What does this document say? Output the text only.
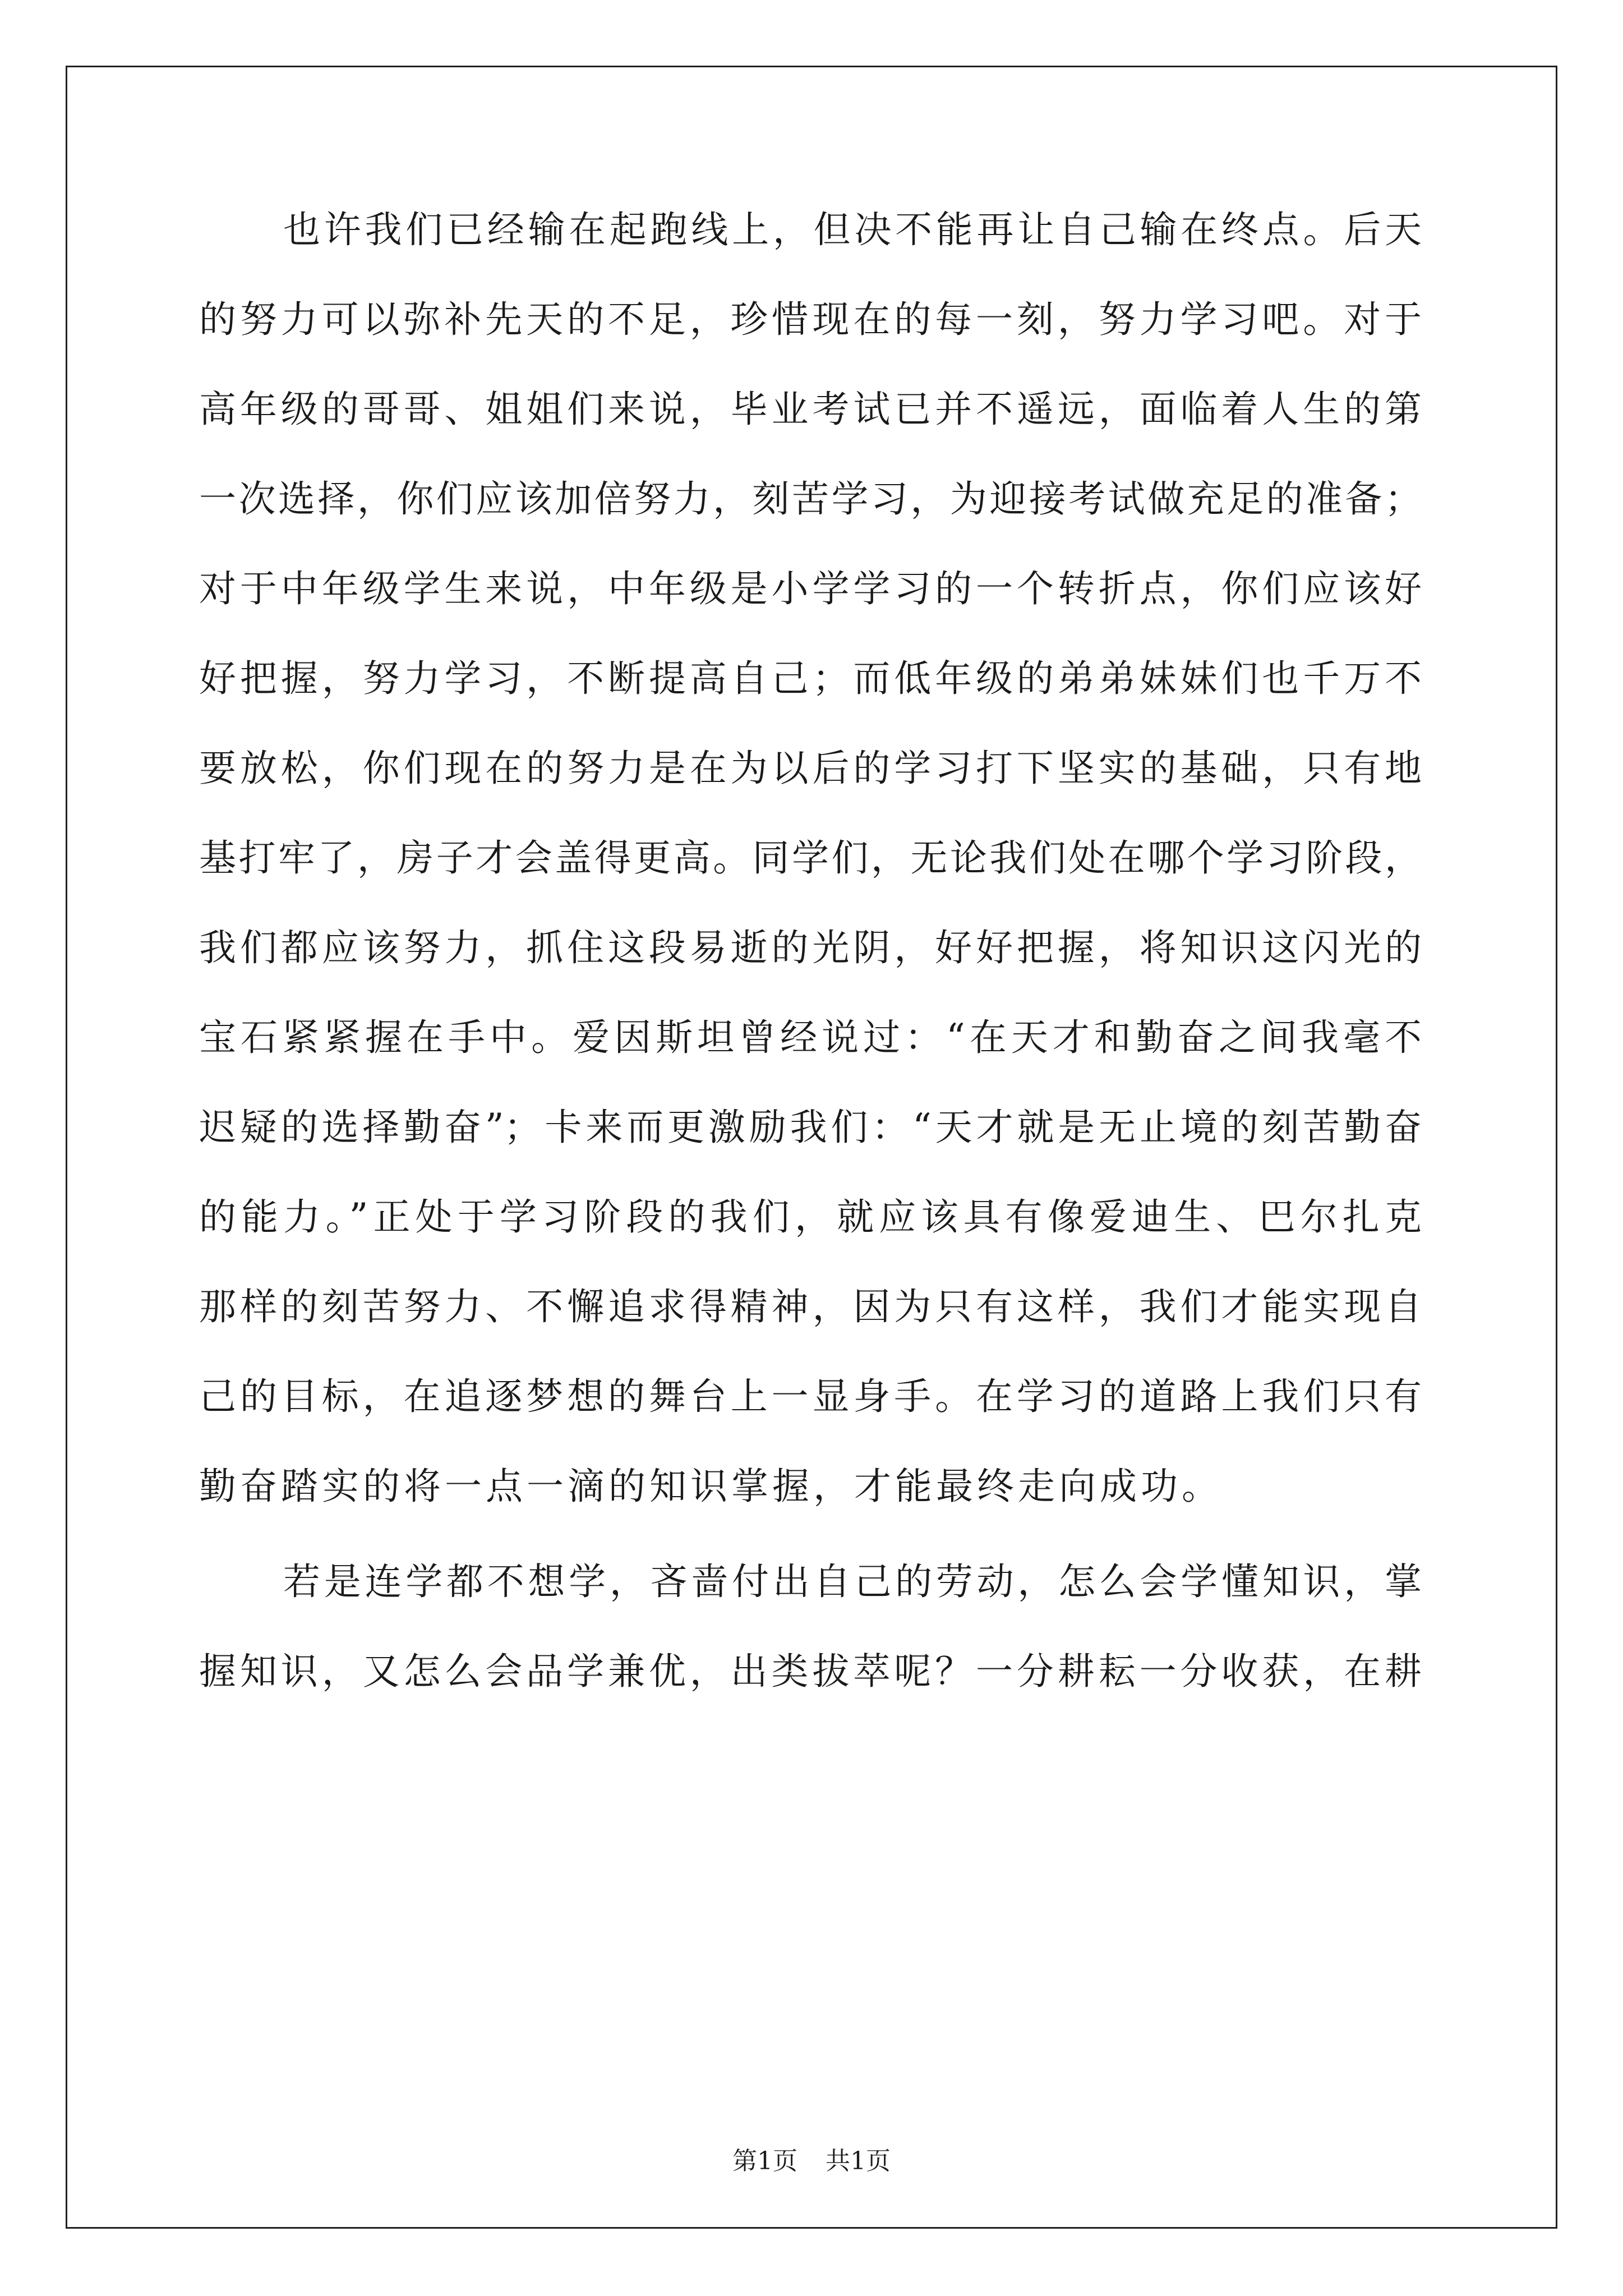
也许我们已经输在起跑线上，但决不能再让自己输在终点。后天
的努力可以弥补先天的不足，珍惜现在的每一刻，努力学习吧。对于
高年级的哥哥、姐姐们来说，毕业考试已并不遥远，面临着人生的第
一次选择，你们应该加倍努力，刻苦学习，为迎接考试做充足的准备；
对于中年级学生来说，中年级是小学学习的一个转折点，你们应该好
好把握，努力学习，不断提高自己；而低年级的弟弟妹妹们也千万不
要放松，你们现在的努力是在为以后的学习打下坚实的基础，只有地
基打牢了，房子才会盖得更高。同学们，无论我们处在哪个学习阶段，
我们都应该努力，抓住这段易逝的光阴，好好把握，将知识这闪光的
宝石紧紧握在手中。爱因斯坦曾经说过：“在天才和勤奋之间我毫不
迟疑的选择勤奋”；卡来而更激励我们：“天才就是无止境的刻苦勤奋
的能力。”正处于学习阶段的我们，就应该具有像爱迪生、巴尔扎克
那样的刻苦努力、不懈追求得精神，因为只有这样，我们才能实现自
己的目标，在追逐梦想的舞台上一显身手。在学习的道路上我们只有
勤奋踏实的将一点一滴的知识掌握，才能最终走向成功。
若是连学都不想学，吝啬付出自己的劳动，怎么会学懂知识，掌
握知识，又怎么会品学兼优，出类拔萃呢？一分耕耘一分收获，在耕
第1页 共1页
